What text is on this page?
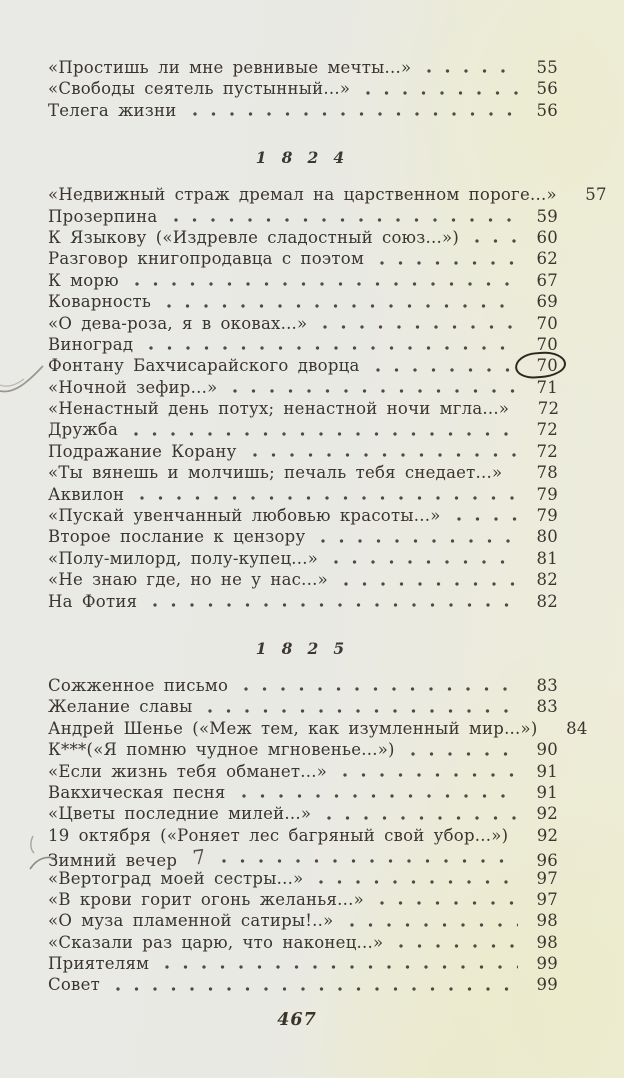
«Простишь ли мне ревнивые мечты...»	55
«Свободы сеятель пустынный...»	56
Телега жизни	56
1 8 2 4
«Недвижный страж дремал на царственном пороге...»	57
Прозерпина	59
К Языкову («Издревле сладостный союз...»)	60
Разговор книгопродавца с поэтом	62
К морю	67
Коварность	69
«О дева-роза, я в оковах...»	70
Виноград	70
Фонтану Бахчисарайского дворца	70
«Ночной зефир...»	71
«Ненастный день потух; ненастной ночи мгла...»	72
Дружба	72
Подражание Корану	72
«Ты вянешь и молчишь; печаль тебя снедает...»	78
Аквилон	79
«Пускай увенчанный любовью красоты...»	79
Второе послание к цензору	80
«Полу-милорд, полу-купец...»	81
«Не знаю где, но не у нас...»	82
На Фотия	82
1 8 2 5
Сожженное письмо	83
Желание славы	83
Андрей Шенье («Меж тем, как изумленный мир...»)	84
К***(«Я помню чудное мгновенье...»)	90
«Если жизнь тебя обманет...»	91
Вакхическая песня	91
«Цветы последние милей...»	92
19 октября («Роняет лес багряный свой убор...»)	92
Зимний вечер 7	96
«Вертоград моей сестры...»	97
«В крови горит огонь желанья...»	97
«О муза пламенной сатиры!..»	98
«Сказали раз царю, что наконец...»	98
Приятелям	99
Совет	99
467
